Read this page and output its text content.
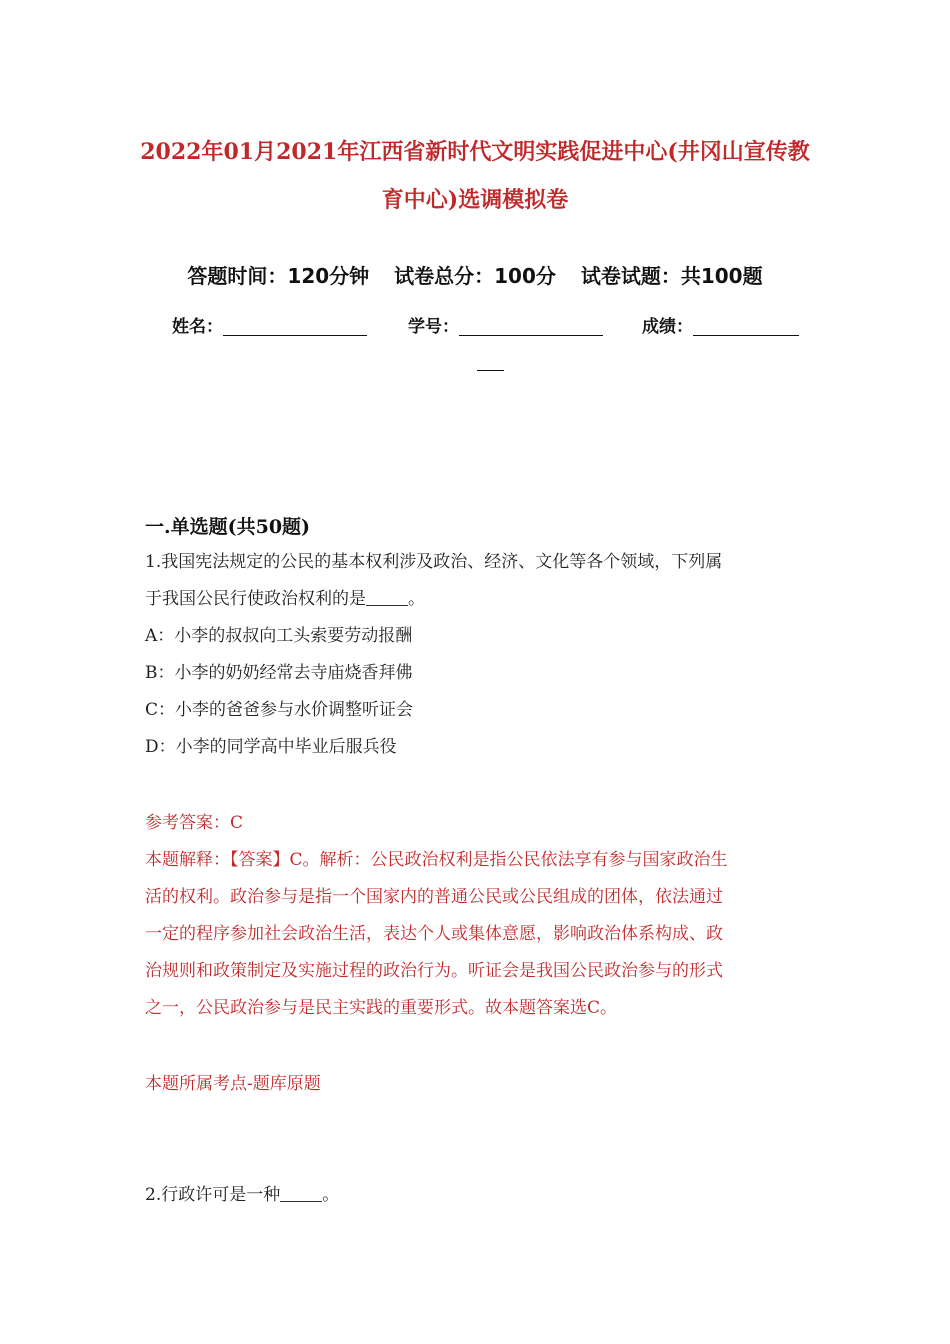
2022年01月2021年江西省新时代文明实践促进中心(井冈山宣传教
育中心)选调模拟卷
答题时间：120分钟 试卷总分：100分 试卷试题：共100题
姓名：	学号：	成绩：
一.单选题(共50题)
1.我国宪法规定的公民的基本权利涉及政治、经济、文化等各个领域，下列属
于我国公民行使政治权利的是 。
A：小李的叔叔向工头索要劳动报酬
B：小李的奶奶经常去寺庙烧香拜佛
C：小李的爸爸参与水价调整听证会
D：小李的同学高中毕业后服兵役
参考答案：C
本题解释：【答案】C。解析：公民政治权利是指公民依法享有参与国家政治生
活的权利。政治参与是指一个国家内的普通公民或公民组成的团体，依法通过
一定的程序参加社会政治生活，表达个人或集体意愿，影响政治体系构成、政
治规则和政策制定及实施过程的政治行为。听证会是我国公民政治参与的形式
之一，公民政治参与是民主实践的重要形式。故本题答案选C。
本题所属考点-题库原题
2.行政许可是一种 。
